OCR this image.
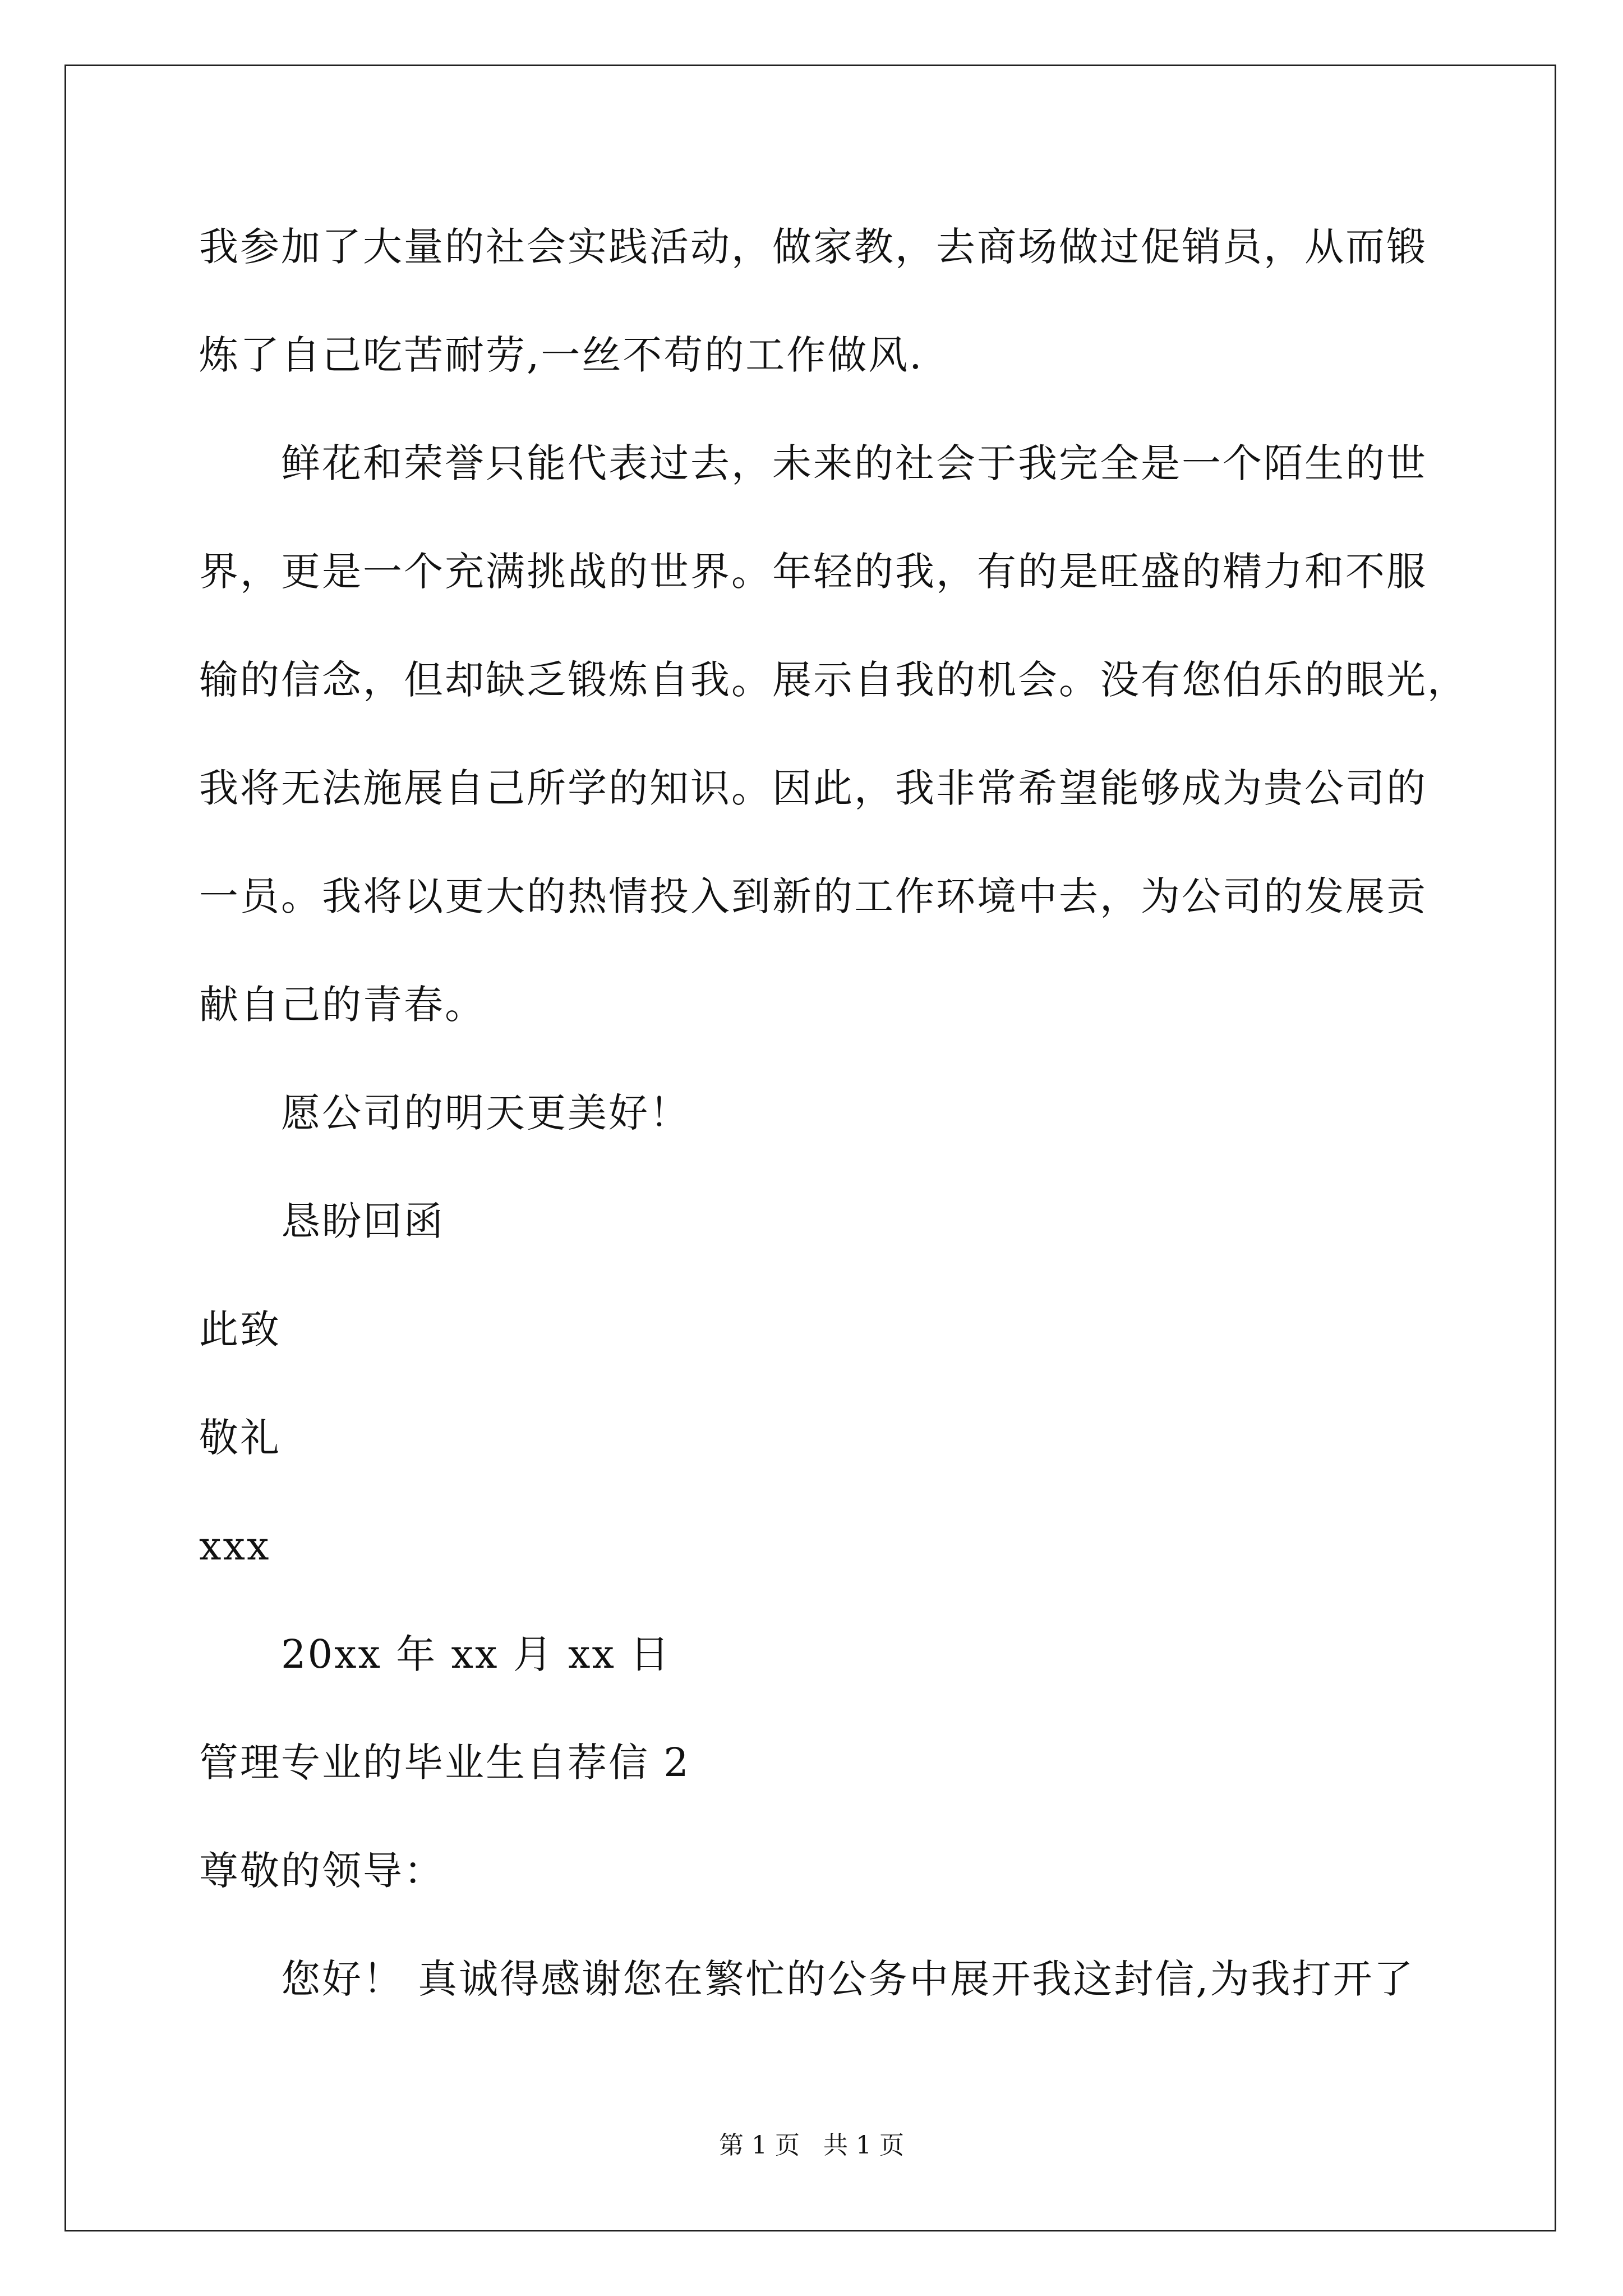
我参加了大量的社会实践活动，做家教，去商场做过促销员，从而锻
炼了自己吃苦耐劳,一丝不苟的工作做风.
鲜花和荣誉只能代表过去，未来的社会于我完全是一个陌生的世
界，更是一个充满挑战的世界。年轻的我，有的是旺盛的精力和不服
输的信念，但却缺乏锻炼自我。展示自我的机会。没有您伯乐的眼光，
我将无法施展自己所学的知识。因此，我非常希望能够成为贵公司的
一员。我将以更大的热情投入到新的工作环境中去，为公司的发展贡
献自己的青春。
愿公司的明天更美好！
恳盼回函
此致
敬礼
xxx
20xx 年 xx 月 xx 日
管理专业的毕业生自荐信 2
尊敬的领导：
您好！ 真诚得感谢您在繁忙的公务中展开我这封信,为我打开了
第 1 页   共 1 页
